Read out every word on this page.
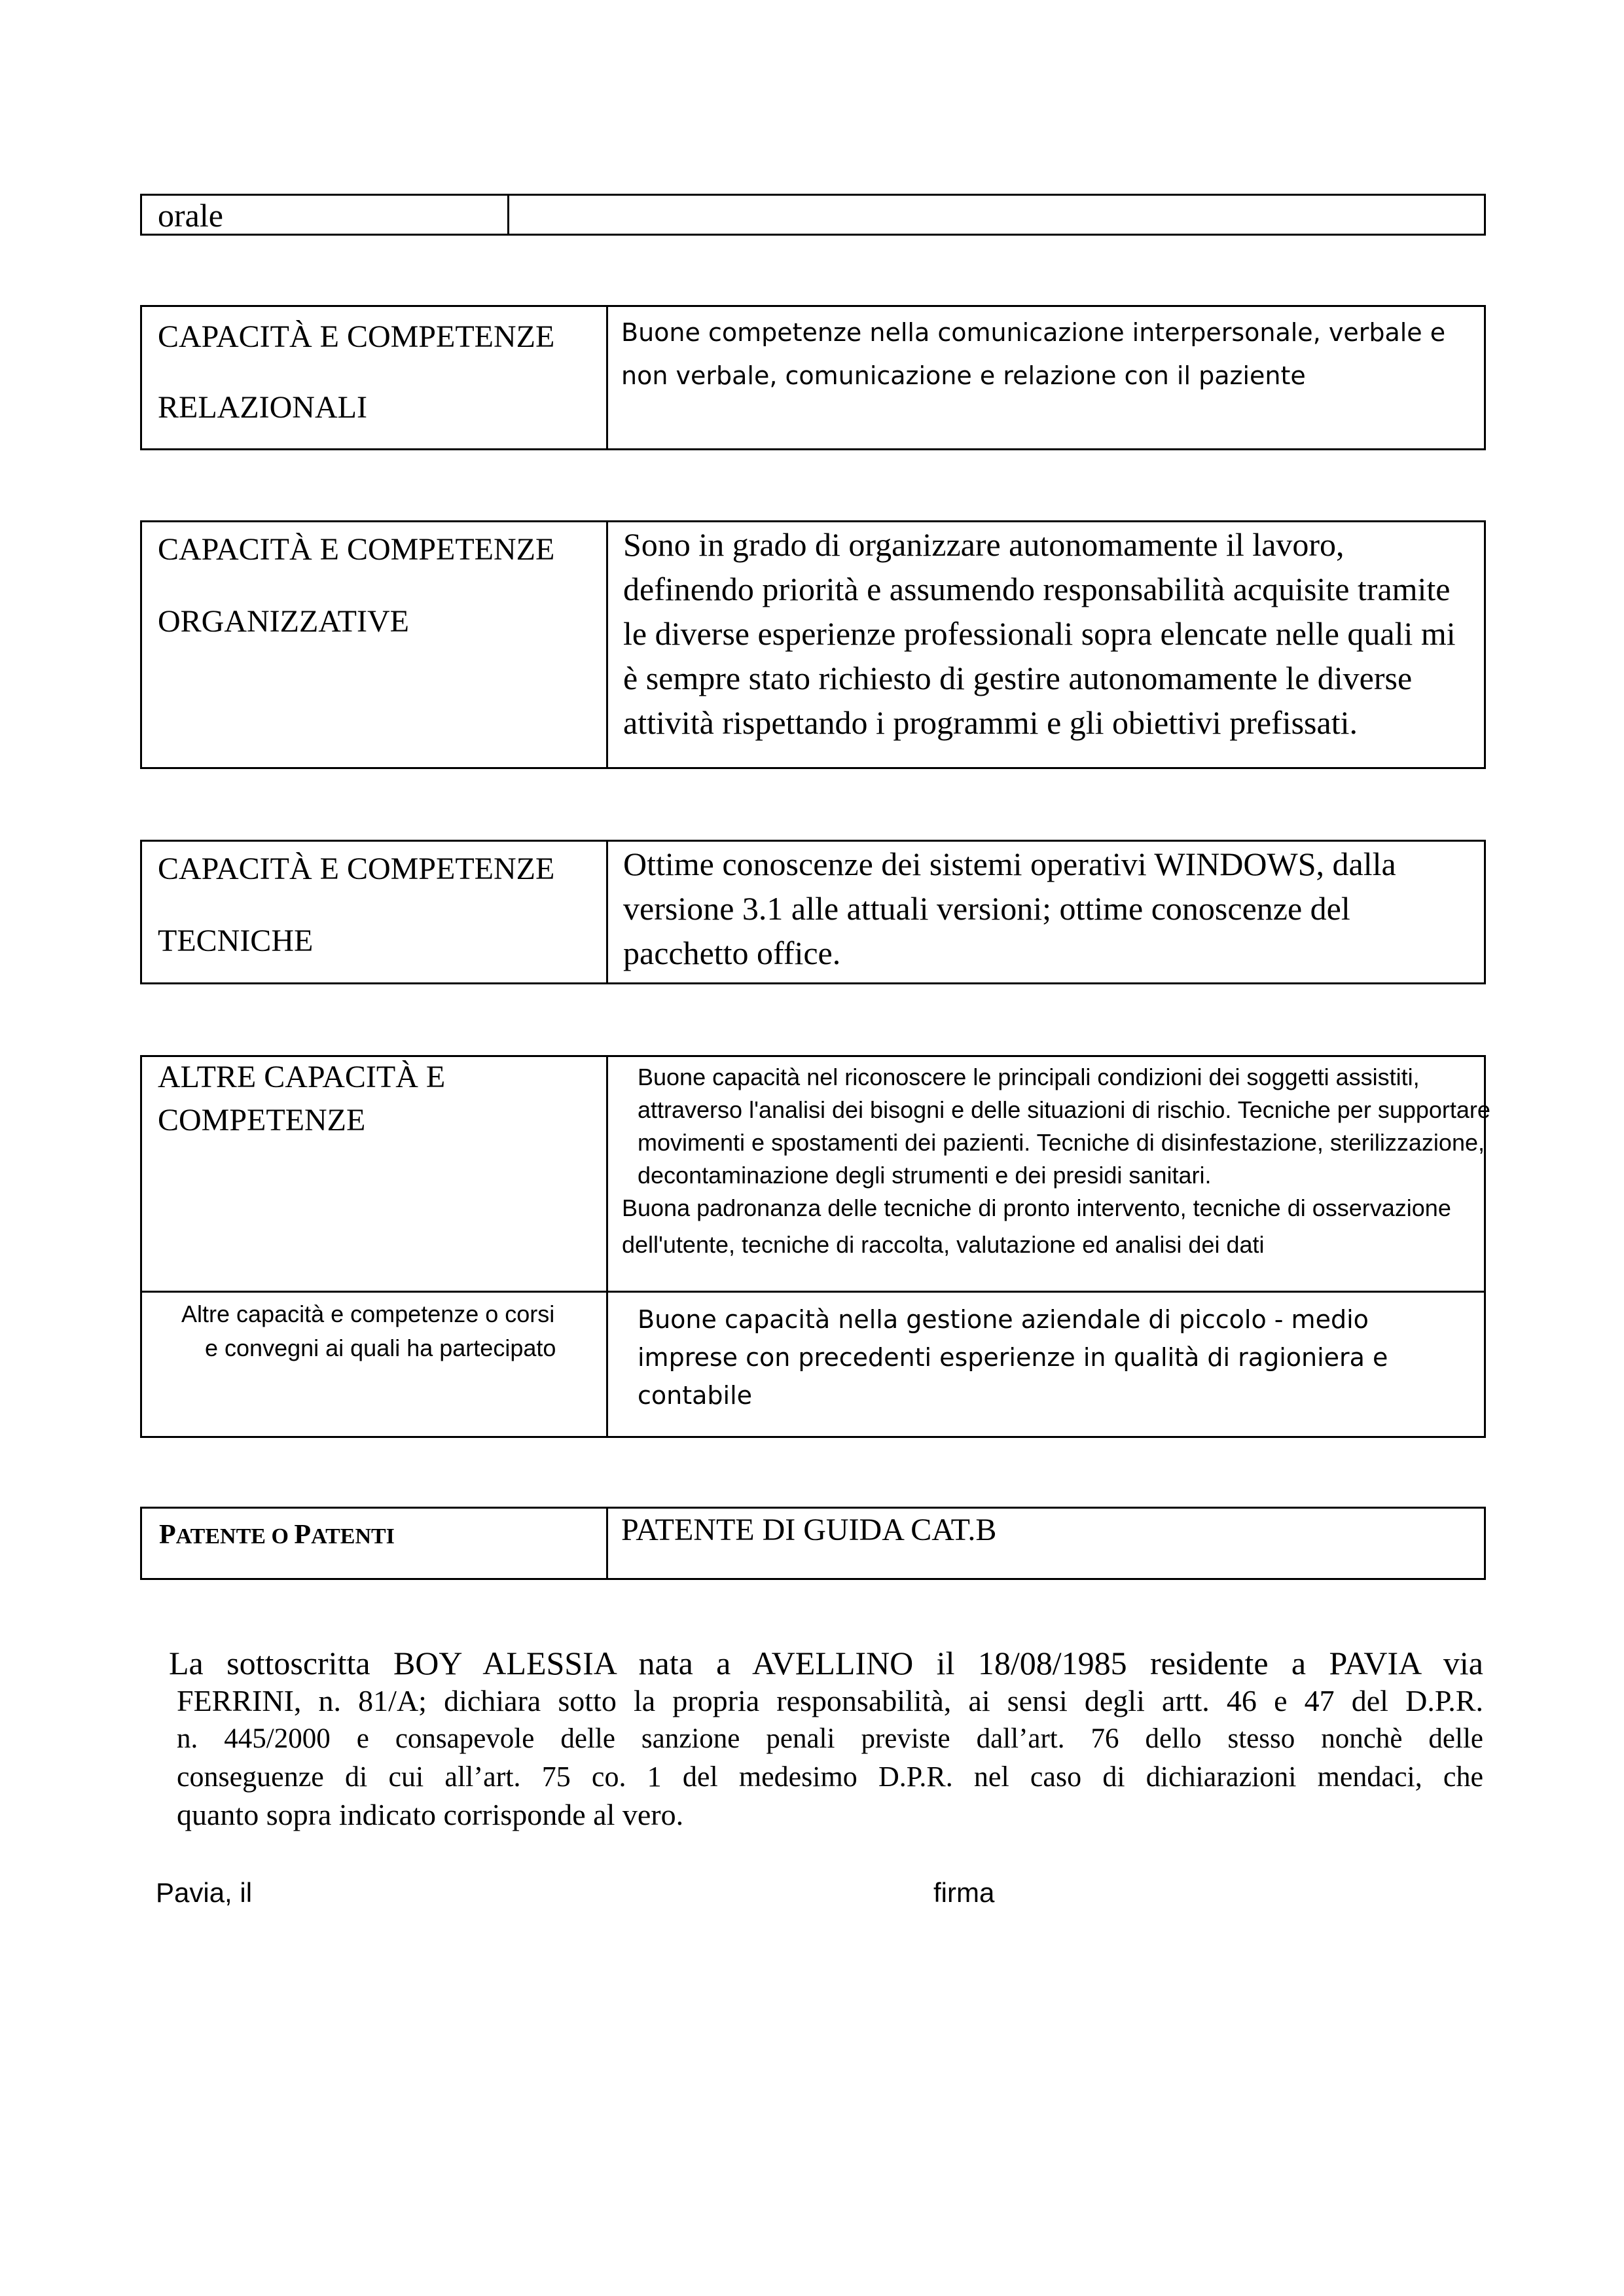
orale
CAPACITÀ E COMPETENZE
RELAZIONALI
Buone competenze nella comunicazione interpersonale, verbale e
non verbale, comunicazione e relazione con il paziente
CAPACITÀ E COMPETENZE
ORGANIZZATIVE
Sono in grado di organizzare autonomamente il lavoro,
definendo priorità e assumendo responsabilità acquisite tramite
le diverse esperienze professionali sopra elencate nelle quali mi
è sempre stato richiesto di gestire autonomamente le diverse
attività rispettando i programmi e gli obiettivi prefissati.
CAPACITÀ E COMPETENZE
TECNICHE
Ottime conoscenze dei sistemi operativi WINDOWS, dalla
versione 3.1 alle attuali versioni; ottime conoscenze del
pacchetto office.
ALTRE CAPACITÀ E
COMPETENZE
Buone capacità nel riconoscere le principali condizioni dei soggetti assistiti,
attraverso l'analisi dei bisogni e delle situazioni di rischio. Tecniche per supportare
movimenti e spostamenti dei pazienti. Tecniche di disinfestazione, sterilizzazione,
decontaminazione degli strumenti e dei presidi sanitari.
Buona padronanza delle tecniche di pronto intervento, tecniche di osservazione
dell'utente, tecniche di raccolta, valutazione ed analisi dei dati
Altre capacità e competenze o corsi
e convegni ai quali ha partecipato
Buone capacità nella gestione aziendale di piccolo - medio
imprese con precedenti esperienze in qualità di ragioniera e
contabile
PATENTE O PATENTI	PATENTE DI GUIDA CAT.B
La sottoscritta BOY ALESSIA nata a AVELLINO il 18/08/1985 residente a PAVIA via
FERRINI, n. 81/A; dichiara sotto la propria responsabilità, ai sensi degli artt. 46 e 47 del D.P.R.
n. 445/2000 e consapevole delle sanzione penali previste dall’art. 76 dello stesso nonchè delle
conseguenze di cui all’art. 75 co. 1 del medesimo D.P.R. nel caso di dichiarazioni mendaci, che
quanto sopra indicato corrisponde al vero.
Pavia, il	firma
